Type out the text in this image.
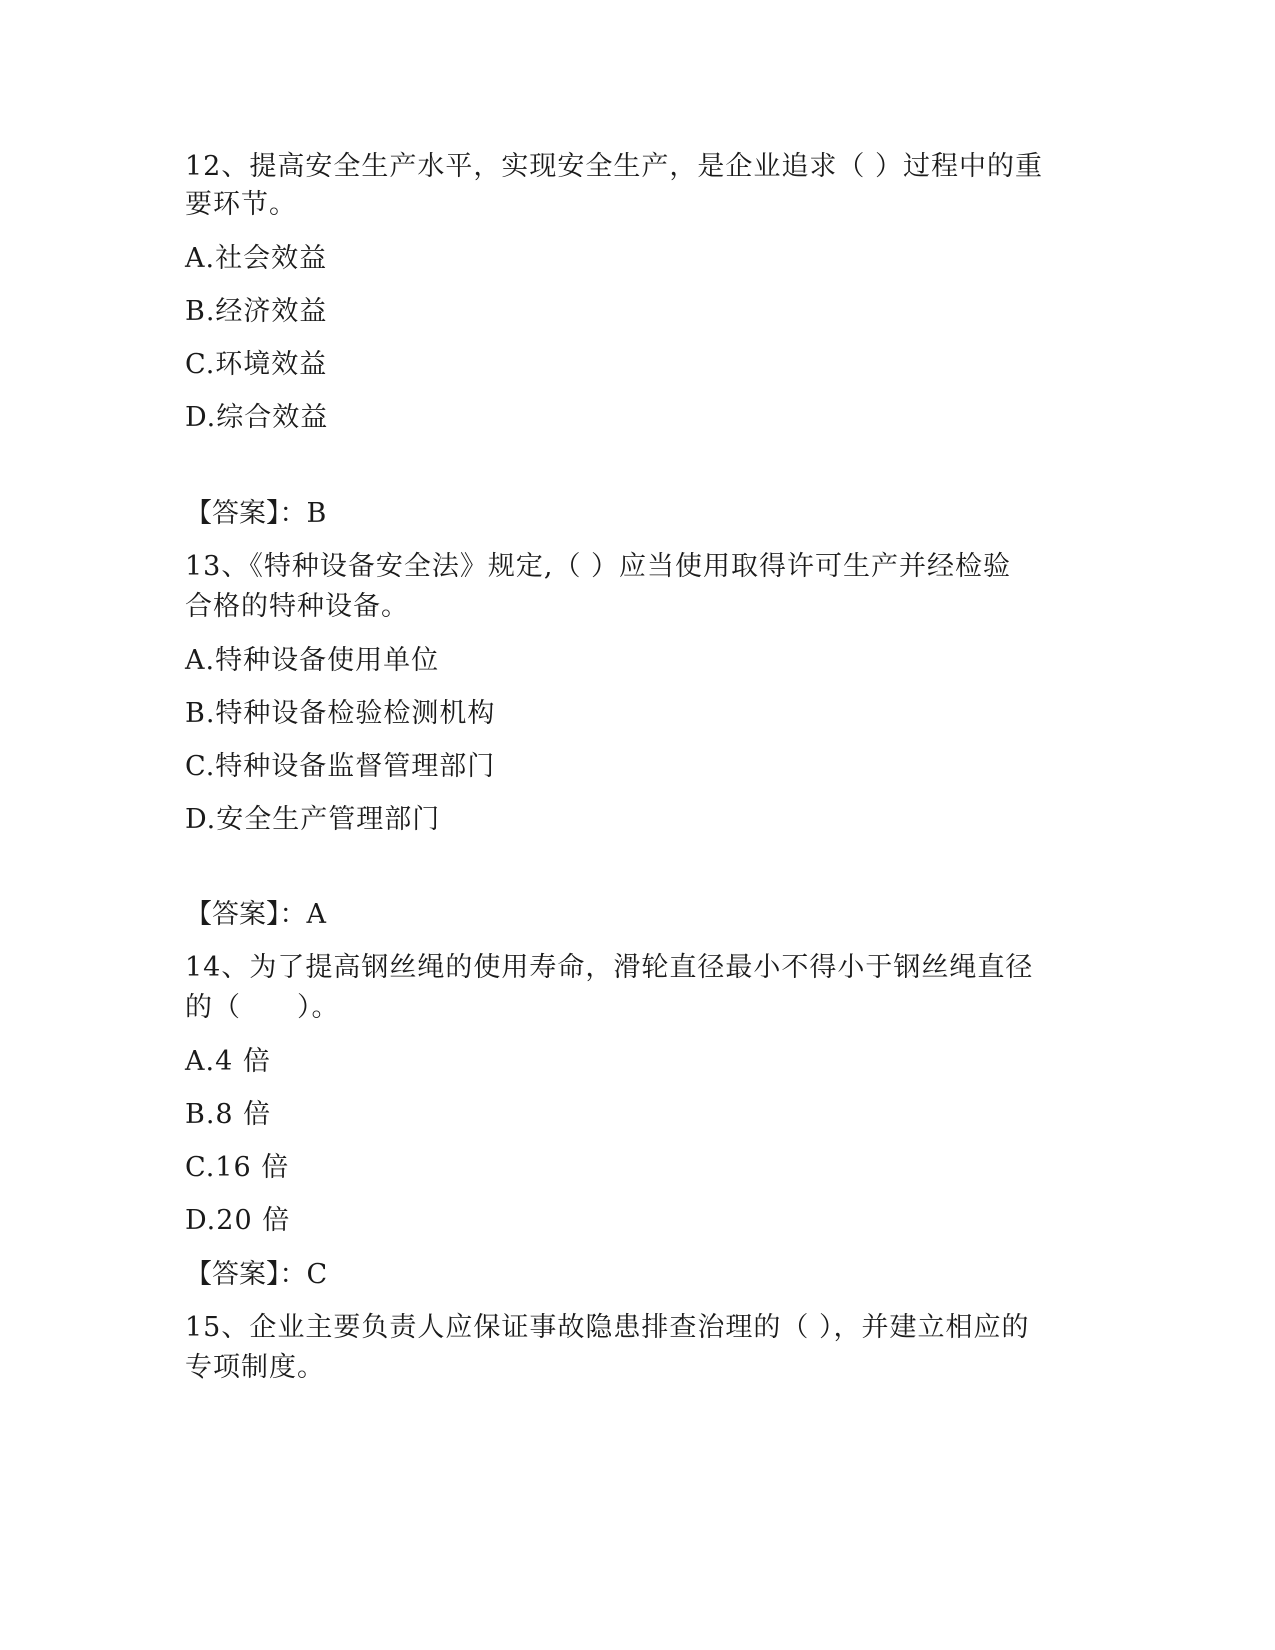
12、提高安全生产水平，实现安全生产，是企业追求（ ）过程中的重
要环节。
A.社会效益
B.经济效益
C.环境效益
D.综合效益
【答案】：B
13、《特种设备安全法》规定,（ ）应当使用取得许可生产并经检验
合格的特种设备。
A.特种设备使用单位
B.特种设备检验检测机构
C.特种设备监督管理部门
D.安全生产管理部门
【答案】：A
14、为了提高钢丝绳的使用寿命，滑轮直径最小不得小于钢丝绳直径
的（　　）。
A.4 倍
B.8 倍
C.16 倍
D.20 倍
【答案】：C
15、企业主要负责人应保证事故隐患排查治理的（ ），并建立相应的
专项制度。
